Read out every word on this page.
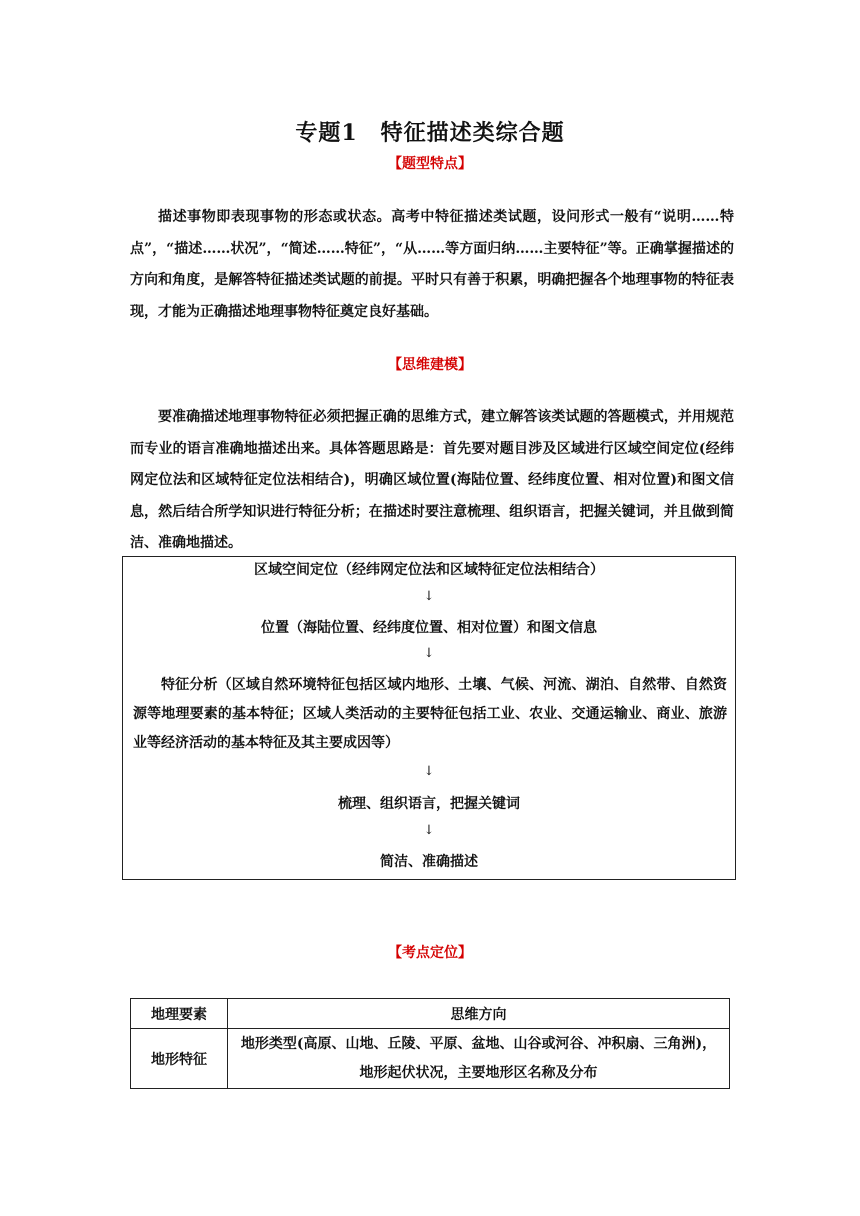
专题1　特征描述类综合题
【题型特点】
描述事物即表现事物的形态或状态。高考中特征描述类试题，设问形式一般有“说明……特点”，“描述……状况”，“简述……特征”，“从……等方面归纳……主要特征”等。正确掌握描述的方向和角度，是解答特征描述类试题的前提。平时只有善于积累，明确把握各个地理事物的特征表现，才能为正确描述地理事物特征奠定良好基础。
【思维建模】
要准确描述地理事物特征必须把握正确的思维方式，建立解答该类试题的答题模式，并用规范而专业的语言准确地描述出来。具体答题思路是：首先要对题目涉及区域进行区域空间定位(经纬网定位法和区域特征定位法相结合)，明确区域位置(海陆位置、经纬度位置、相对位置)和图文信息，然后结合所学知识进行特征分析；在描述时要注意梳理、组织语言，把握关键词，并且做到简洁、准确地描述。
区域空间定位（经纬网定位法和区域特征定位法相结合）
↓
位置（海陆位置、经纬度位置、相对位置）和图文信息
↓
特征分析（区域自然环境特征包括区域内地形、土壤、气候、河流、湖泊、自然带、自然资源等地理要素的基本特征；区域人类活动的主要特征包括工业、农业、交通运输业、商业、旅游业等经济活动的基本特征及其主要成因等）
↓
梳理、组织语言，把握关键词
↓
简洁、准确描述
【考点定位】
地理要素	思维方向
地形特征	地形类型(高原、山地、丘陵、平原、盆地、山谷或河谷、冲积扇、三角洲)，地形起伏状况，主要地形区名称及分布
